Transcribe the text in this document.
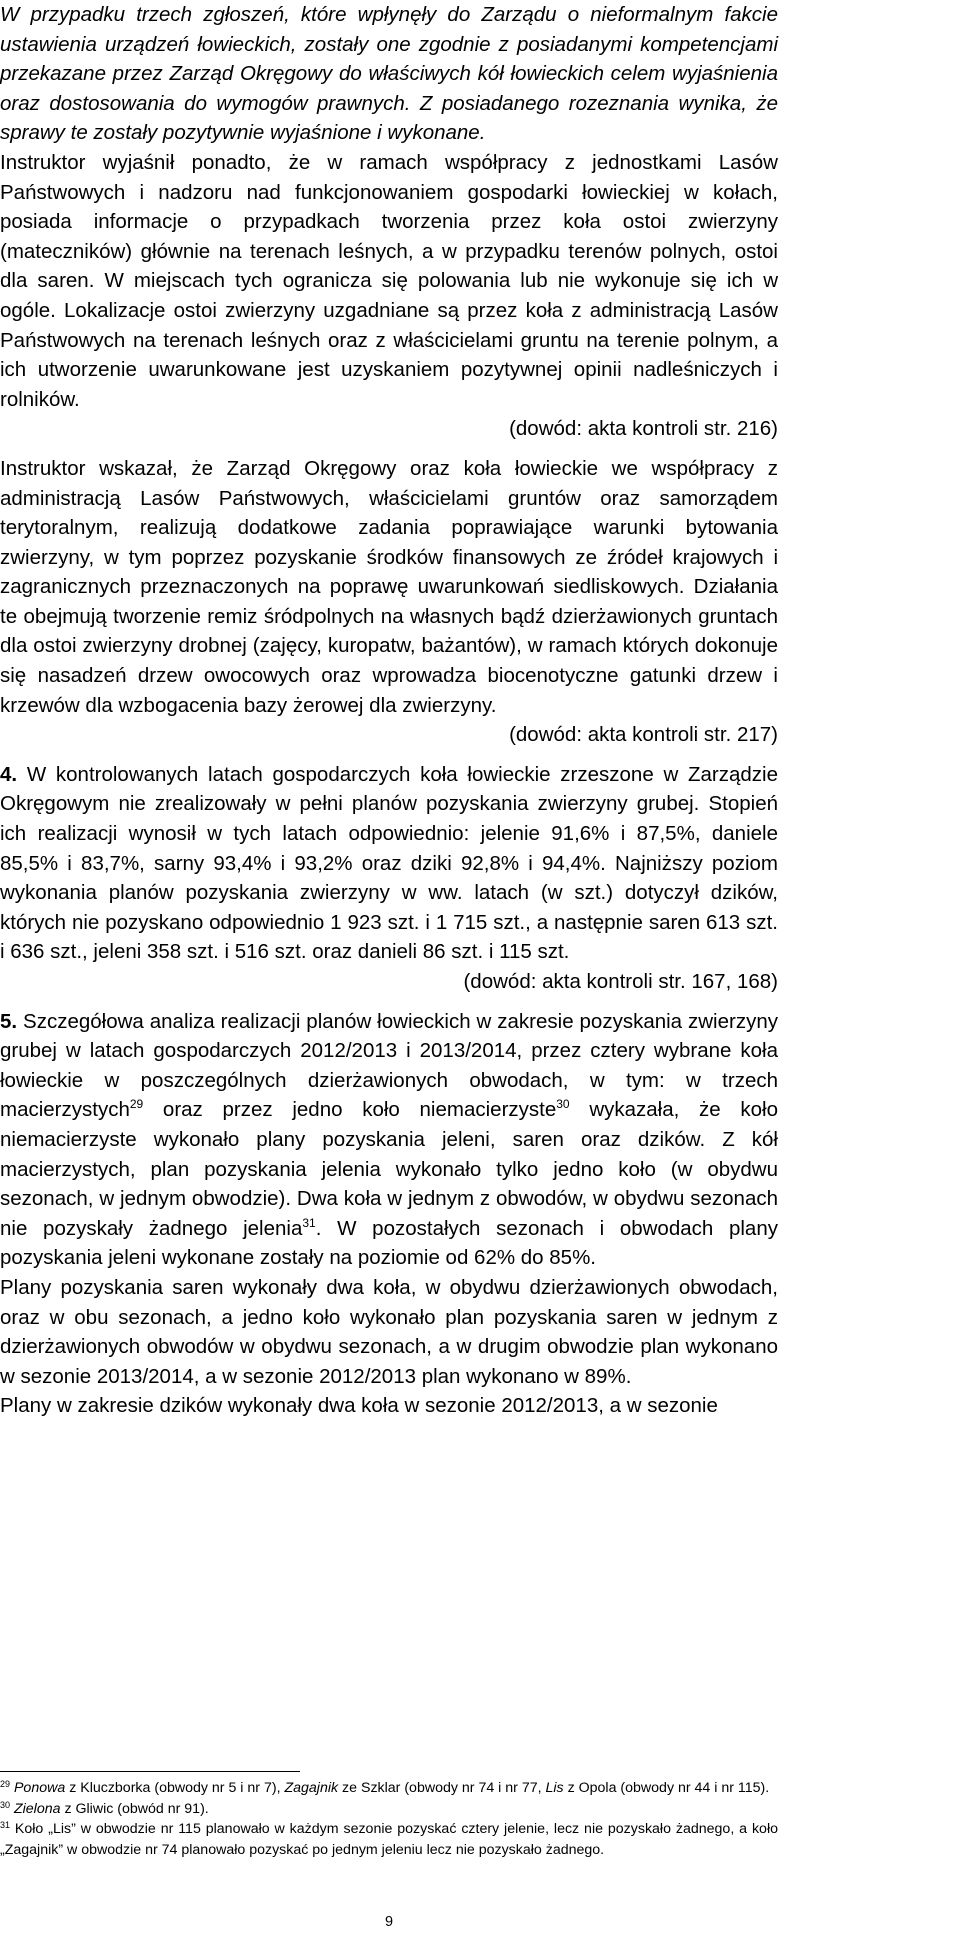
W przypadku trzech zgłoszeń, które wpłynęły do Zarządu o nieformalnym fakcie ustawienia urządzeń łowieckich, zostały one zgodnie z posiadanymi kompetencjami przekazane przez Zarząd Okręgowy do właściwych kół łowieckich celem wyjaśnienia oraz dostosowania do wymogów prawnych. Z posiadanego rozeznania wynika, że sprawy te zostały pozytywnie wyjaśnione i wykonane.

Instruktor wyjaśnił ponadto, że w ramach współpracy z jednostkami Lasów Państwowych i nadzoru nad funkcjonowaniem gospodarki łowieckiej w kołach, posiada informacje o przypadkach tworzenia przez koła ostoi zwierzyny (mateczników) głównie na terenach leśnych, a w przypadku terenów polnych, ostoi dla saren. W miejscach tych ogranicza się polowania lub nie wykonuje się ich w ogóle. Lokalizacje ostoi zwierzyny uzgadniane są przez koła z administracją Lasów Państwowych na terenach leśnych oraz z właścicielami gruntu na terenie polnym, a ich utworzenie uwarunkowane jest uzyskaniem pozytywnej opinii nadleśniczych i rolników.

(dowód: akta kontroli str. 216)

Instruktor wskazał, że Zarząd Okręgowy oraz koła łowieckie we współpracy z administracją Lasów Państwowych, właścicielami gruntów oraz samorządem terytoralnym, realizują dodatkowe zadania poprawiające warunki bytowania zwierzyny, w tym poprzez pozyskanie środków finansowych ze źródeł krajowych i zagranicznych przeznaczonych na poprawę uwarunkowań siedliskowych. Działania te obejmują tworzenie remiz śródpolnych na własnych bądź dzierżawionych gruntach dla ostoi zwierzyny drobnej (zajęcy, kuropatw, bażantów), w ramach których dokonuje się nasadzeń drzew owocowych oraz wprowadza biocenotyczne gatunki drzew i krzewów dla wzbogacenia bazy żerowej dla zwierzyny.

(dowód: akta kontroli str. 217)

4. W kontrolowanych latach gospodarczych koła łowieckie zrzeszone w Zarządzie Okręgowym nie zrealizowały w pełni planów pozyskania zwierzyny grubej. Stopień ich realizacji wynosił w tych latach odpowiednio: jelenie 91,6% i 87,5%, daniele 85,5% i 83,7%, sarny 93,4% i 93,2% oraz dziki 92,8% i 94,4%. Najniższy poziom wykonania planów pozyskania zwierzyny w ww. latach (w szt.) dotyczył dzików, których nie pozyskano odpowiednio 1 923 szt. i 1 715 szt., a następnie saren 613 szt. i 636 szt., jeleni 358 szt. i 516 szt. oraz danieli 86 szt. i 115 szt.

(dowód: akta kontroli str. 167, 168)

5. Szczegółowa analiza realizacji planów łowieckich w zakresie pozyskania zwierzyny grubej w latach gospodarczych 2012/2013 i 2013/2014, przez cztery wybrane koła łowieckie w poszczególnych dzierżawionych obwodach, w tym: w trzech macierzystych$^{29}$ oraz przez jedno koło niemacierzyste$^{30}$ wykazała, że koło niemacierzyste wykonało plany pozyskania jeleni, saren oraz dzików. Z kół macierzystych, plan pozyskania jelenia wykonało tylko jedno koło (w obydwu sezonach, w jednym obwodzie). Dwa koła w jednym z obwodów, w obydwu sezonach nie pozyskały żadnego jelenia$^{31}$. W pozostałych sezonach i obwodach plany pozyskania jeleni wykonane zostały na poziomie od 62% do 85%.

Plany pozyskania saren wykonały dwa koła, w obydwu dzierżawionych obwodach, oraz w obu sezonach, a jedno koło wykonało plan pozyskania saren w jednym z dzierżawionych obwodów w obydwu sezonach, a w drugim obwodzie plan wykonano w sezonie 2013/2014, a w sezonie 2012/2013 plan wykonano w 89%.

Plany w zakresie dzików wykonały dwa koła w sezonie 2012/2013, a w sezonie

$^{29}$ Ponowa z Kluczborka (obwody nr 5 i nr 7), Zagajnik ze Szklar (obwody nr 74 i nr 77, Lis z Opola (obwody nr 44 i nr 115).

$^{30}$ Zielona z Gliwic (obwód nr 91).

$^{31}$ Koło „Lis” w obwodzie nr 115 planowało w każdym sezonie pozyskać cztery jelenie, lecz nie pozyskało żadnego, a koło „Zagajnik” w obwodzie nr 74 planowało pozyskać po jednym jeleniu lecz nie pozyskało żadnego.

9
